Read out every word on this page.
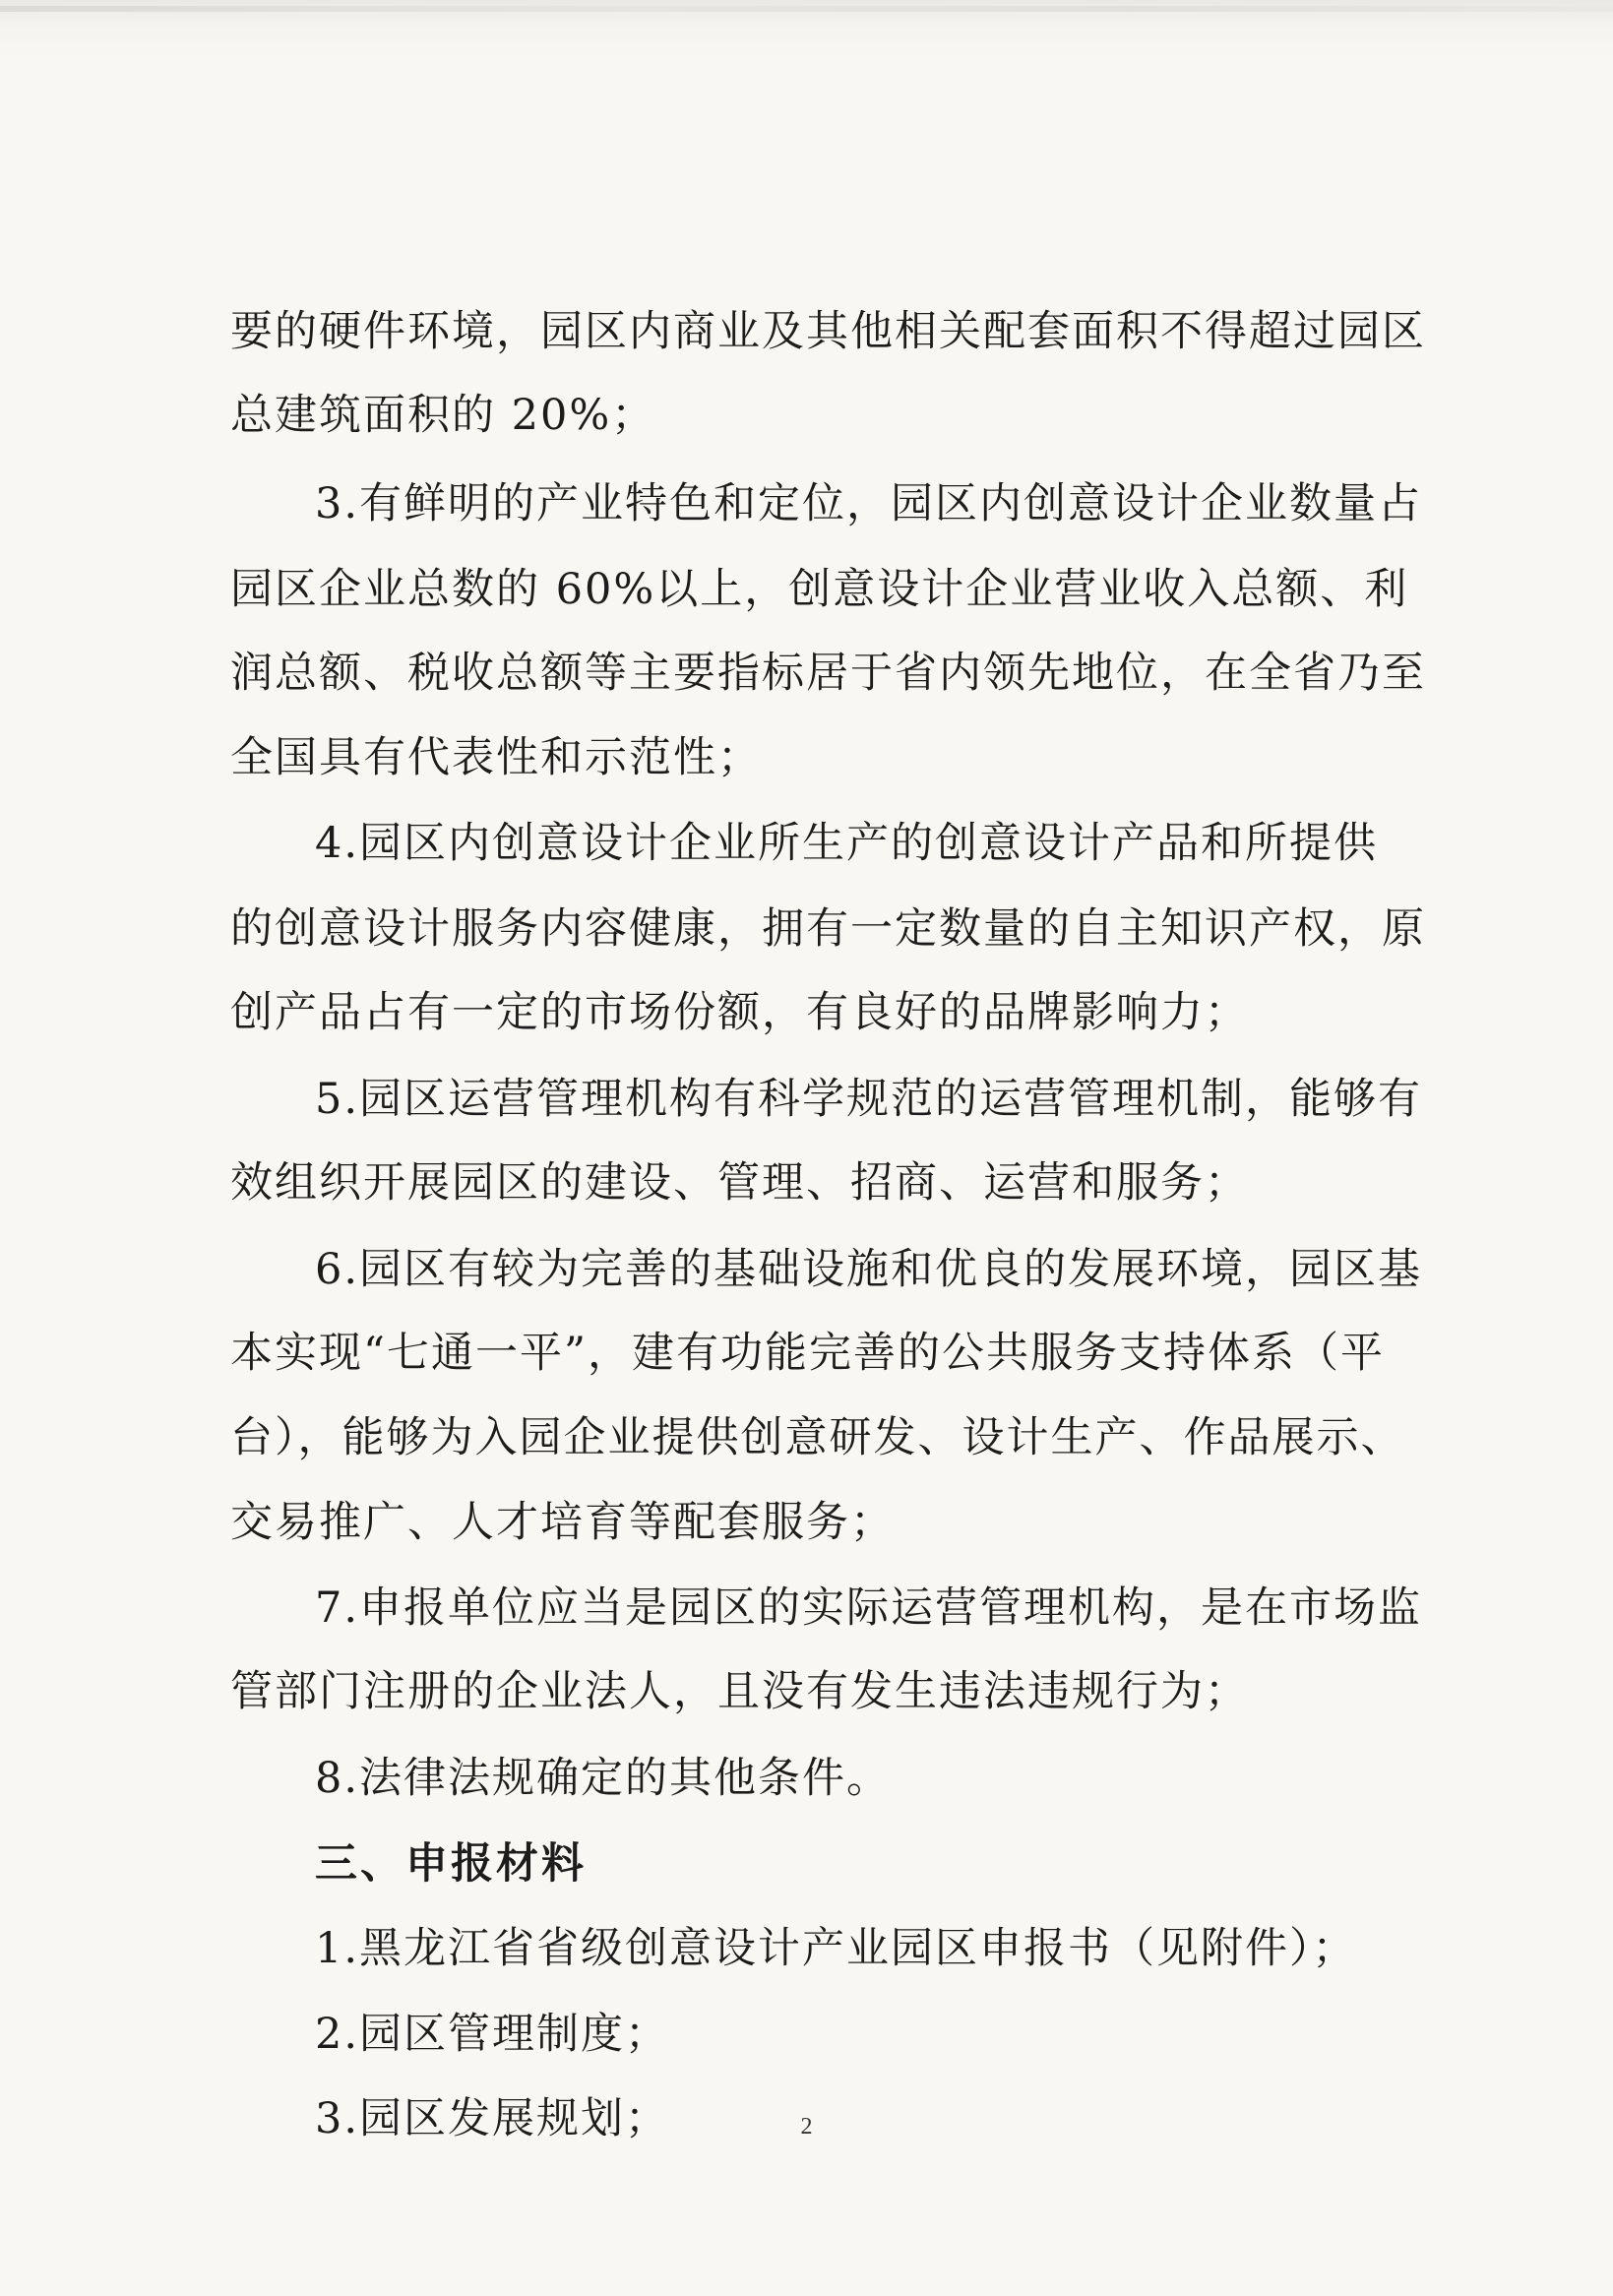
要的硬件环境，园区内商业及其他相关配套面积不得超过园区
总建筑面积的 20%；
3.有鲜明的产业特色和定位，园区内创意设计企业数量占
园区企业总数的 60%以上，创意设计企业营业收入总额、利
润总额、税收总额等主要指标居于省内领先地位，在全省乃至
全国具有代表性和示范性；
4.园区内创意设计企业所生产的创意设计产品和所提供
的创意设计服务内容健康，拥有一定数量的自主知识产权，原
创产品占有一定的市场份额，有良好的品牌影响力；
5.园区运营管理机构有科学规范的运营管理机制，能够有
效组织开展园区的建设、管理、招商、运营和服务；
6.园区有较为完善的基础设施和优良的发展环境，园区基
本实现“七通一平”，建有功能完善的公共服务支持体系（平
台），能够为入园企业提供创意研发、设计生产、作品展示、
交易推广、人才培育等配套服务；
7.申报单位应当是园区的实际运营管理机构，是在市场监
管部门注册的企业法人，且没有发生违法违规行为；
8.法律法规确定的其他条件。
三、申报材料
1.黑龙江省省级创意设计产业园区申报书（见附件）；
2.园区管理制度；
3.园区发展规划；	2
